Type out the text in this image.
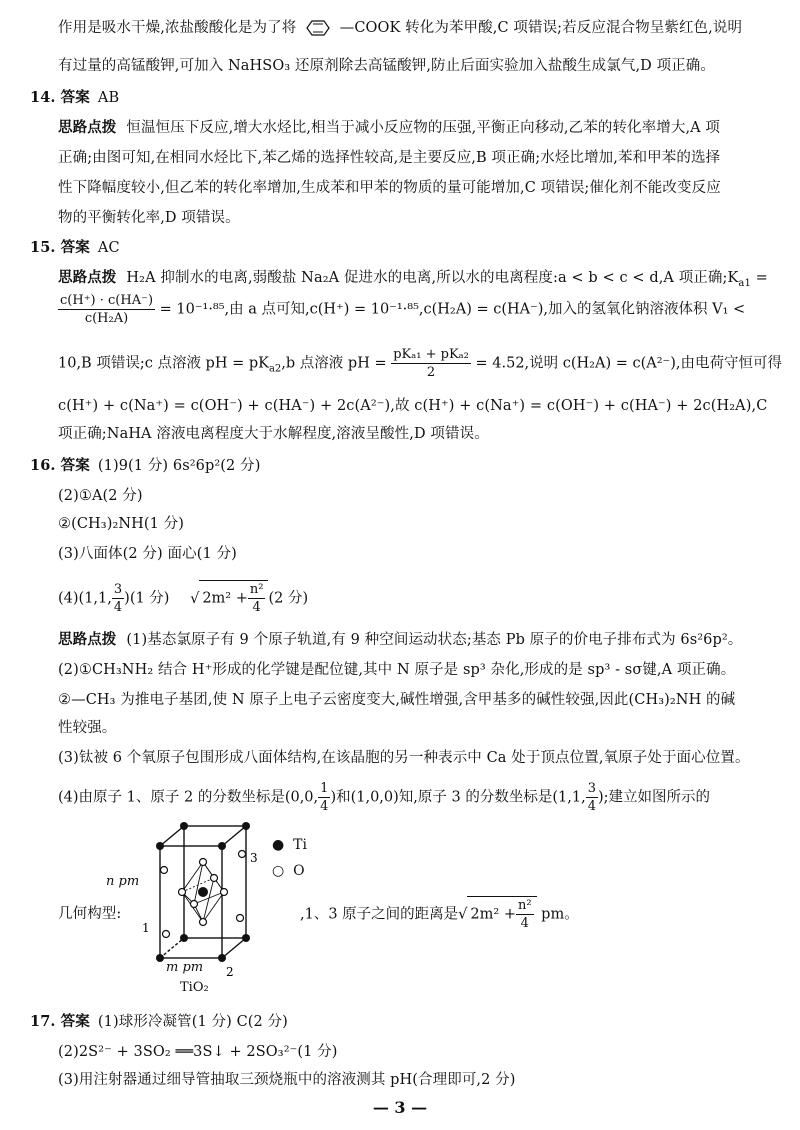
作用是吸水干燥,浓盐酸酸化是为了将	—COOK 转化为苯甲酸,C 项错误;若反应混合物呈紫红色,说明
有过量的高锰酸钾,可加入 NaHSO₃ 还原剂除去高锰酸钾,防止后面实验加入盐酸生成氯气,D 项正确。
14. 答案 AB
思路点拨 恒温恒压下反应,增大水烃比,相当于减小反应物的压强,平衡正向移动,乙苯的转化率增大,A 项
正确;由图可知,在相同水烃比下,苯乙烯的选择性较高,是主要反应,B 项正确;水烃比增加,苯和甲苯的选择
性下降幅度较小,但乙苯的转化率增加,生成苯和甲苯的物质的量可能增加,C 项错误;催化剂不能改变反应
物的平衡转化率,D 项错误。
15. 答案 AC
思路点拨 H₂A 抑制水的电离,弱酸盐 Na₂A 促进水的电离,所以水的电离程度:a < b < c < d,A 项正确$;K_{a1}$ =
$\frac{c(H^+) \cdot c(HA^-)}{\text{c(H₂A)}} = 10^{-1}\cdot^{85}$,由 a 点可知,c(H⁺) = 10⁻¹·⁸⁵,c(H₂A) = c(HA⁻),加入的氢氧化钠溶液体积 V₁ <
10,B 项错误;c 点溶液 pH = $pK_{a2},b$ 点溶液 pH =
pKₐ₁ + pKₐ₂
2
= 4.52,说明 c(H₂A) = c(A²⁻),由电荷守恒可得
c(H⁺) + c(Na⁺) = c(OH⁻) + c(HA⁻) + 2c(A²⁻),故 c(H⁺) + c(Na⁺) = c(OH⁻) + c(HA⁻) + 2c(H₂A),C
项正确;NaHA 溶液电离程度大于水解程度,溶液呈酸性,D 项错误。
16. 答案 (1)9(1 分) 6s²6p²(2 分)
(2)①A(2 分)
②(CH₃)₂NH(1 分)
(3)八面体(2 分) 面心(1 分)
(4)(1,1, $\frac{3}{4} )(1$ 分) √ $2m^2 + \frac{\text{n²}}{4} (2$ 分)
思路点拨 (1)基态氯原子有 9 个原子轨道,有 9 种空间运动状态;基态 Pb 原子的价电子排布式为 6s²6p²。
(2)①CH₃NH₂ 结合 H⁺形成的化学键是配位键,其中 N 原子是 sp³ 杂化,形成的是 sp³ - sσ键,A 项正确。
②—CH₃ 为推电子基团,使 N 原子上电子云密度变大,碱性增强,含甲基多的碱性较强,因此(CH₃)₂NH 的碱
性较强。
(3)钛被 6 个氧原子包围形成八面体结构,在该晶胞的另一种表示中 Ca 处于顶点位置,氧原子处于面心位置。
(4)由原子 1、原子 2 的分数坐标是(0,0, $\frac{1}{4}$ )和(1,0,0)知,原子 3 的分数坐标是(1,1, $\frac{3}{4}$ );建立如图所示的
几何构型:	,1、3 原子之间的距离是√ $2m^2 + \frac{\text{n²}}{4}$ pm。
1
3
2
n pm
m pm
TiO₂
● Ti
○ O
17. 答案 (1)球形冷凝管(1 分) C(2 分)
(2)2S²⁻ + 3SO₂ ══3S↓ + 2SO₃²⁻(1 分)
(3)用注射器通过细导管抽取三颈烧瓶中的溶液测其 pH(合理即可,2 分)
— 3 —
